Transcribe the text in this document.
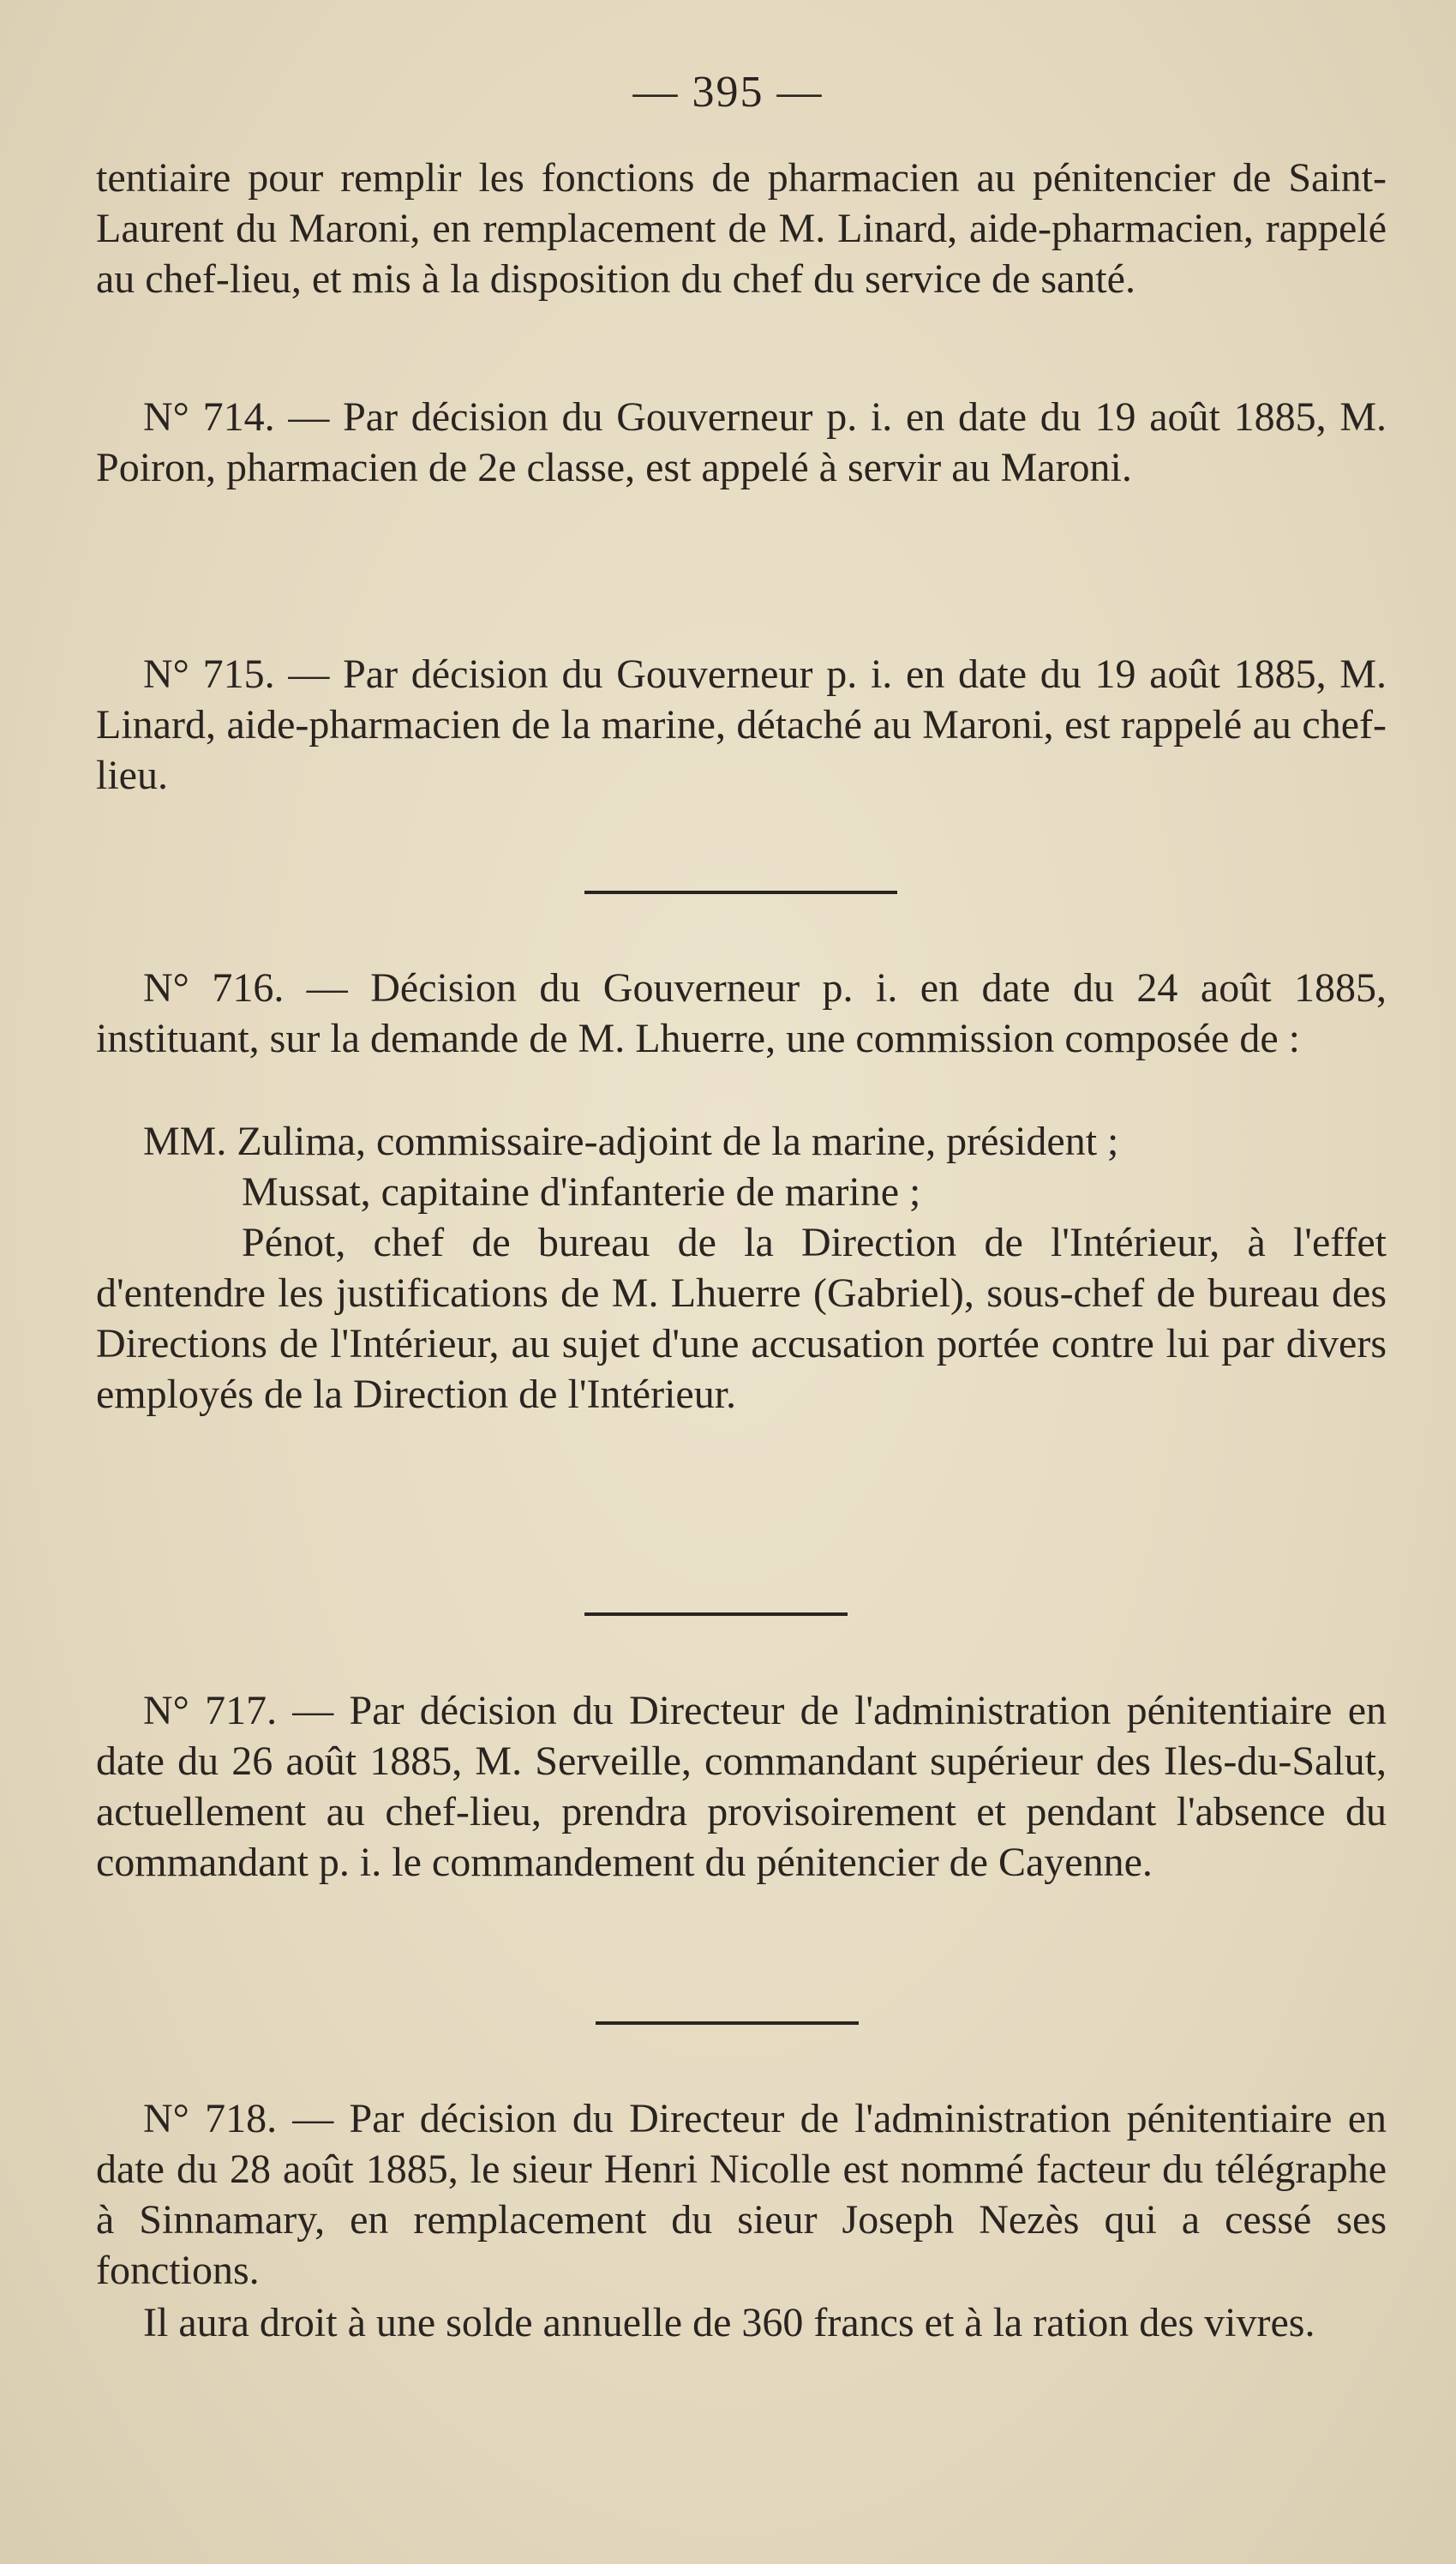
— 395 —

tentiaire pour remplir les fonctions de pharmacien au pénitencier de Saint-Laurent du Maroni, en remplacement de M. Linard, aide-pharmacien, rappelé au chef-lieu, et mis à la disposition du chef du service de santé.

N° 714. — Par décision du Gouverneur p. i. en date du 19 août 1885, M. Poiron, pharmacien de 2e classe, est appelé à servir au Maroni.

N° 715. — Par décision du Gouverneur p. i. en date du 19 août 1885, M. Linard, aide-pharmacien de la marine, détaché au Maroni, est rappelé au chef-lieu.

N° 716. — Décision du Gouverneur p. i. en date du 24 août 1885, instituant, sur la demande de M. Lhuerre, une commission composée de :

MM. Zulima, commissaire-adjoint de la marine, président ;

Mussat, capitaine d'infanterie de marine ;

Pénot, chef de bureau de la Direction de l'Intérieur, à l'effet d'entendre les justifications de M. Lhuerre (Gabriel), sous-chef de bureau des Directions de l'Intérieur, au sujet d'une accusation portée contre lui par divers employés de la Direction de l'Intérieur.

N° 717. — Par décision du Directeur de l'administration pénitentiaire en date du 26 août 1885, M. Serveille, commandant supérieur des Iles-du-Salut, actuellement au chef-lieu, prendra provisoirement et pendant l'absence du commandant p. i. le commandement du pénitencier de Cayenne.

N° 718. — Par décision du Directeur de l'administration pénitentiaire en date du 28 août 1885, le sieur Henri Nicolle est nommé facteur du télégraphe à Sinnamary, en remplacement du sieur Joseph Nezès qui a cessé ses fonctions.

Il aura droit à une solde annuelle de 360 francs et à la ration des vivres.
